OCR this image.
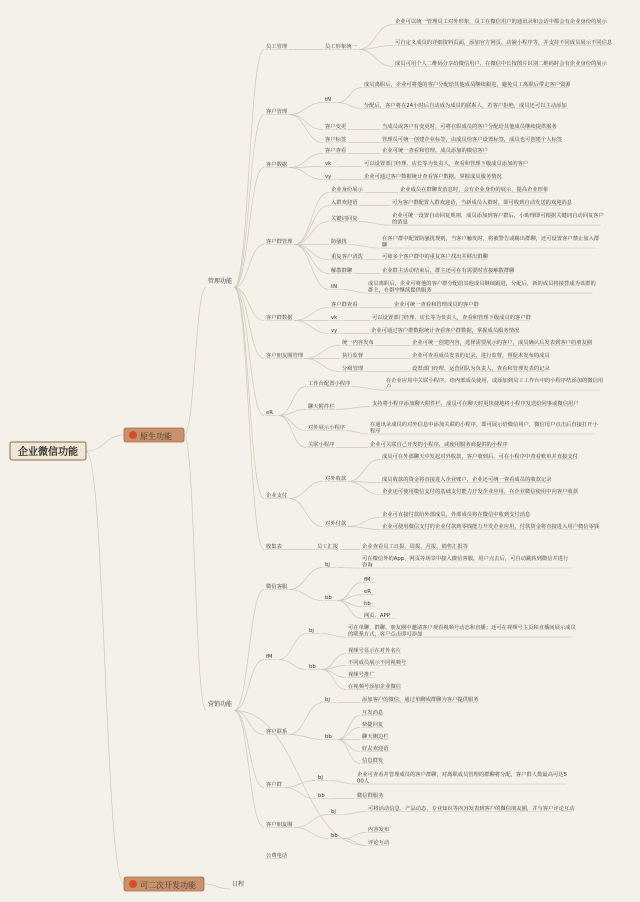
员工管理	员工形象统一
企业可以统一管理员工对外形象，员工在微信用户的通讯录和会话中都会有企业身份的展示
可自定义成员的详细资料页面，添加官方网页、店铺小程序等，并支持不同成员展示不同信息
成员可用个人二维码分享给微信用户，在微信中长按图片识别二维码时会有企业身份的展示
客户管理
tN
成员离职后，企业可将他的客户分配给其他成员继续跟进，避免员工离职后带走客户资源
分配后，客户将在24小时后自动成为成员的联系人，若客户拒绝，成员还可以主动添加
客户变更	当成员或客户有变更时，可将在职成员的客户分配给其他成员继续提供服务
客户标签	管理员可统一创建企业标签，由成员给客户设置标签，成员也可创建个人标签
客户数据
客户查看	企业可统一查看和管理，成员添加的微信客户
vk	可以设置部门经理、店长等为负责人，查看和管理下级成员添加的客户
vy	企业可通过客户数据统计查看客户数据，掌握成员服务情况
客户群管理
企业身份展示	企业成员在群聊发消息时，会有企业身份的展示，提高企业形象
入群欢迎语	可为客户群配置入群欢迎语，当新成员入群时，即可收到自动发送的欢迎消息
关键词回复	企业可统一设置自动回复规则，成员添加到客户群后，小助理即可根据关键词自动回复客户的消息
防骚扰	在客户群中配置防骚扰规则，当客户触发时，将被警告或踢出群聊，还可设置客户禁止加入群聊
重复客户清洗	可筛多个客户群中的重复客户找出并移出群聊
解散群聊	企业群主活动结束后，群主还可在有需要时直接解散群聊
tN	成员离职后，企业可将他的客户群分配给其他成员继续跟进，分配后，新的成员将接替成为该群的群主，在群中继续提供服务
客户群数据
客户群查看	企业可统一查看和管理成员的客户群
vk	可以设置部门经理、店长等为负责人，查看和管理下级成员的客户群
vy	企业可通过客户群数据统计查看客户群数据，掌握成员服务情况
客户朋友圈管理
统一内容发布	企业可统一创建内容，选择需要展示的客户，成员确认后发表到客户的朋友圈
执行监督	企业可查看成员发表的记录，进行监督，督促未发布的成员
分级管理	设置部门经理、运营团队为负责人，查看和管理发表的记录
eR
工作台配置小程序	在企业应用中关联小程序，给内部成员使用，或添加到员工工作台中的小程序结添加的微信用户
聊天附件栏	支持将小程序添加聊天附件栏，成员可在聊天时更快捷地将小程序发送给同事或微信用户
对外展示小程序	在通讯录成员的对外信息中添加关联的小程序，即可展示给微信用户，微信用户点击后直接打开小程序
关联小程序	企业可关联自己开发的小程序，或使用服务商提供的小程序
企业支付
对外收款
成员可在外部聊天中发起对外收款，客户收到后，可在小程序中查看账单并直接支付
成员收款的资金将直接进入企业账户，企业还可统一查看成员的收款记录
企业还可使用微信支付的基础支付能力开发企业应用，在企业微信使用中向客户收款
对外付款
企业可直接付款给外部成员，外部成员将在微信中收到支付消息
企业可使用微信支付的企业付款到零钱能力开发企业应用，付款资金将直接进入用户微信零钱
收集表	员工汇报	企业查看员工日报、周报、月报、销售汇报等
微信客服
bj
可在微信外的App、网页等场景中接入微信客服，用户点击后，可自动跳转到微信并进行咨询
bb
fM
eR
hb
网页、APP
fM
bj	可在单聊、群聊、朋友圈中邀请客户观看视频号动态和直播；还可在视频号主页和直播间展示成员的联系方式，客户点击即可添加
bb
视频号显示在对外名片
不同成员展示不同视频号
视频号推广
在视频号添加企业微信
客户联系
bj	添加客户的微信，通过单聊或群聊为客户提供服务
bb
互发消息
快捷回复
聊天侧边栏
好友欢迎语
信息群发
客户群
bj	企业可查看并管理成员的客户群聊，对离职成员管理的群聊将分配，客户群人数最高可达5 00人
bb	微信群服务
客户朋友圈
bj	可将活动信息、产品动态、专业知识等内容发表到客户的微信朋友圈，并与客户评论互动
bb
内容发布
评论互动
公费电话
企业微信功能
原生功能
可二次开发功能
管理功能
营销功能
日程
